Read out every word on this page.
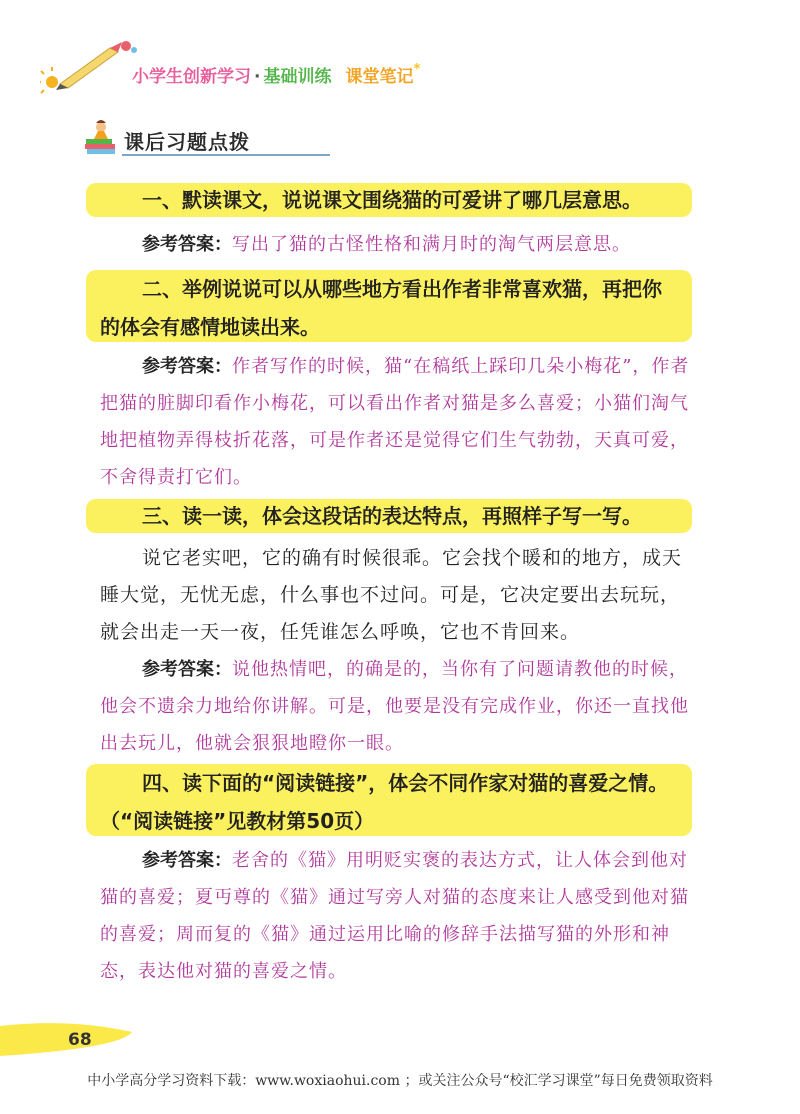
小学生创新学习 · 基础训练 课堂笔记*
课后习题点拨
一、默读课文，说说课文围绕猫的可爱讲了哪几层意思。

参考答案：写出了猫的古怪性格和满月时的淘气两层意思。

二、举例说说可以从哪些地方看出作者非常喜欢猫，再把你的体会有感情地读出来。

参考答案：作者写作的时候，猫“在稿纸上踩印几朵小梅花”，作者把猫的脏脚印看作小梅花，可以看出作者对猫是多么喜爱；小猫们淘气地把植物弄得枝折花落，可是作者还是觉得它们生气勃勃，天真可爱，不舍得责打它们。

三、读一读，体会这段话的表达特点，再照样子写一写。

说它老实吧，它的确有时候很乖。它会找个暖和的地方，成天睡大觉，无忧无虑，什么事也不过问。可是，它决定要出去玩玩，就会出走一天一夜，任凭谁怎么呼唤，它也不肯回来。

参考答案：说他热情吧，的确是的，当你有了问题请教他的时候，他会不遗余力地给你讲解。可是，他要是没有完成作业，你还一直找他出去玩儿，他就会狠狠地瞪你一眼。

四、读下面的“阅读链接”，体会不同作家对猫的喜爱之情。（“阅读链接”见教材第50页）

参考答案：老舍的《猫》用明贬实褒的表达方式，让人体会到他对猫的喜爱；夏丏尊的《猫》通过写旁人对猫的态度来让人感受到他对猫的喜爱；周而复的《猫》通过运用比喻的修辞手法描写猫的外形和神态，表达他对猫的喜爱之情。

68
中小学高分学习资料下载：www.woxiaohui.com ；或关注公众号“校汇学习课堂”每日免费领取资料
